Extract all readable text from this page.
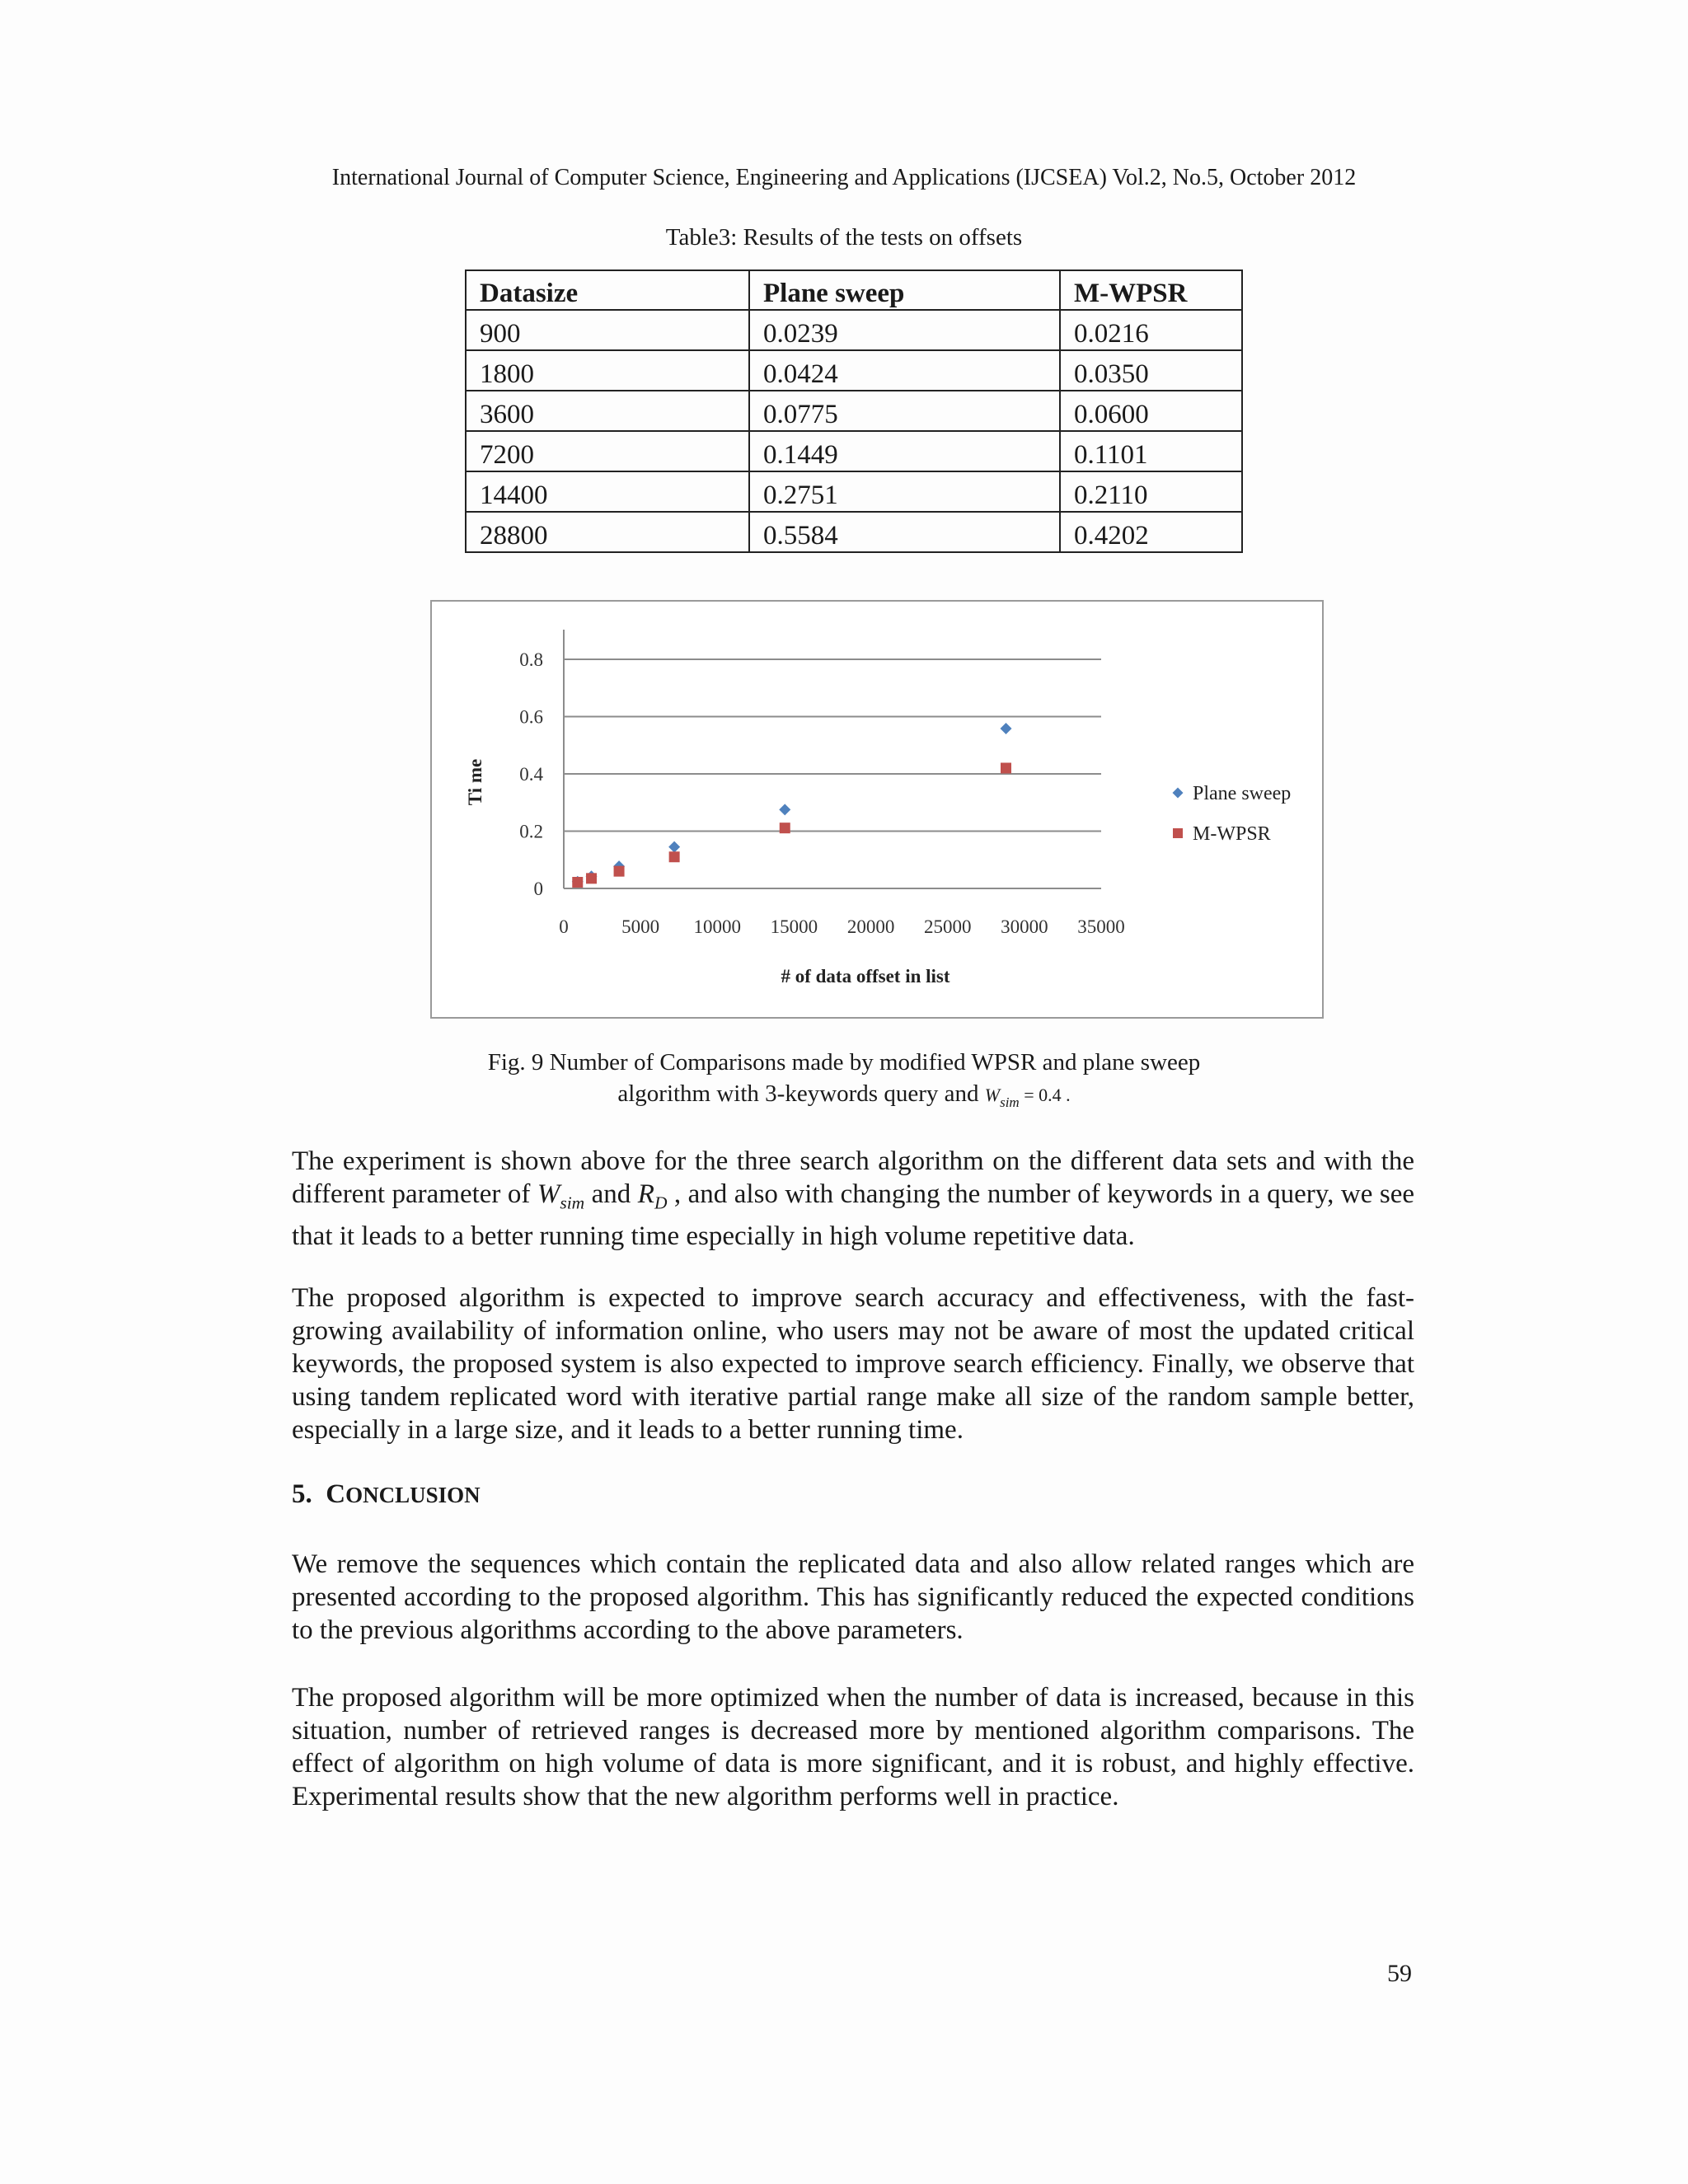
International Journal of Computer Science, Engineering and Applications (IJCSEA) Vol.2, No.5, October 2012
Table3: Results of the tests on offsets
Datasize	Plane sweep	M-WPSR
900	0.0239	0.0216
1800	0.0424	0.0350
3600	0.0775	0.0600
7200	0.1449	0.1101
14400	0.2751	0.2110
28800	0.5584	0.4202
0
0.2
0.4
0.6
0.8
0	5000 10000 15000 20000 25000 30000 35000
# of data offset in list
Ti me	Plane sweep
M-WPSR
Fig. 9 Number of Comparisons made by modified WPSR and plane sweep
algorithm with 3-keywords query and $W_{sim} = 0.4$ .

The experiment is shown above for the three search algorithm on the different data sets and with the different parameter of $W_{sim}$ and $R_D$ , and also with changing the number of keywords in a query, we see that it leads to a better running time especially in high volume repetitive data.

The proposed algorithm is expected to improve search accuracy and effectiveness, with the fast-growing availability of information online, who users may not be aware of most the updated critical keywords, the proposed system is also expected to improve search efficiency. Finally, we observe that using tandem replicated word with iterative partial range make all size of the random sample better, especially in a large size, and it leads to a better running time.

5. CONCLUSION

We remove the sequences which contain the replicated data and also allow related ranges which are presented according to the proposed algorithm. This has significantly reduced the expected conditions to the previous algorithms according to the above parameters.

The proposed algorithm will be more optimized when the number of data is increased, because in this situation, number of retrieved ranges is decreased more by mentioned algorithm comparisons. The effect of algorithm on high volume of data is more significant, and it is robust, and highly effective. Experimental results show that the new algorithm performs well in practice.

59
